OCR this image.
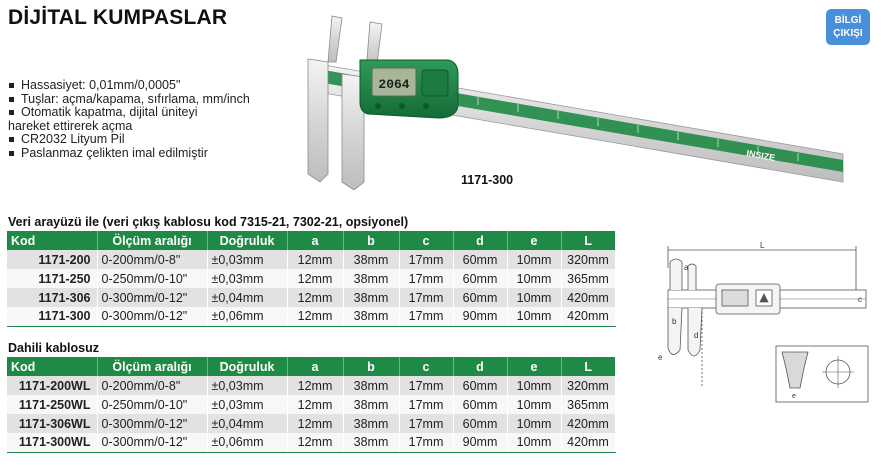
DİJİTAL KUMPASLAR	BİLGİ
ÇIKIŞI
Hassasiyet: 0,01mm/0,0005"
Tuşlar: açma/kapama, sıfırlama, mm/inch
Otomatik kapatma, dijital üniteyi
hareket ettirerek açma
CR2032 Lityum Pil
Paslanmaz çelikten imal edilmiştir
2064
INSIZE
1171-300
Veri arayüzü ile (veri çıkış kablosu kod 7315-21, 7302-21, opsiyonel)
Kod	Ölçüm aralığı	Doğruluk	a	b	c	d	e	L
1171-200	0-200mm/0-8"	±0,03mm	12mm	38mm	17mm	60mm	10mm	320mm
1171-250	0-250mm/0-10"	±0,03mm	12mm	38mm	17mm	60mm	10mm	365mm
1171-306	0-300mm/0-12"	±0,04mm	12mm	38mm	17mm	60mm	10mm	420mm
1171-300	0-300mm/0-12"	±0,06mm	12mm	38mm	17mm	90mm	10mm	420mm
Dahili kablosuz
Kod	Ölçüm aralığı	Doğruluk	a	b	c	d	e	L
1171-200WL	0-200mm/0-8"	±0,03mm	12mm	38mm	17mm	60mm	10mm	320mm
1171-250WL	0-250mm/0-10"	±0,03mm	12mm	38mm	17mm	60mm	10mm	365mm
1171-306WL	0-300mm/0-12"	±0,04mm	12mm	38mm	17mm	60mm	10mm	420mm
1171-300WL	0-300mm/0-12"	±0,06mm	12mm	38mm	17mm	90mm	10mm	420mm
L
a
b
c
d
e
e
